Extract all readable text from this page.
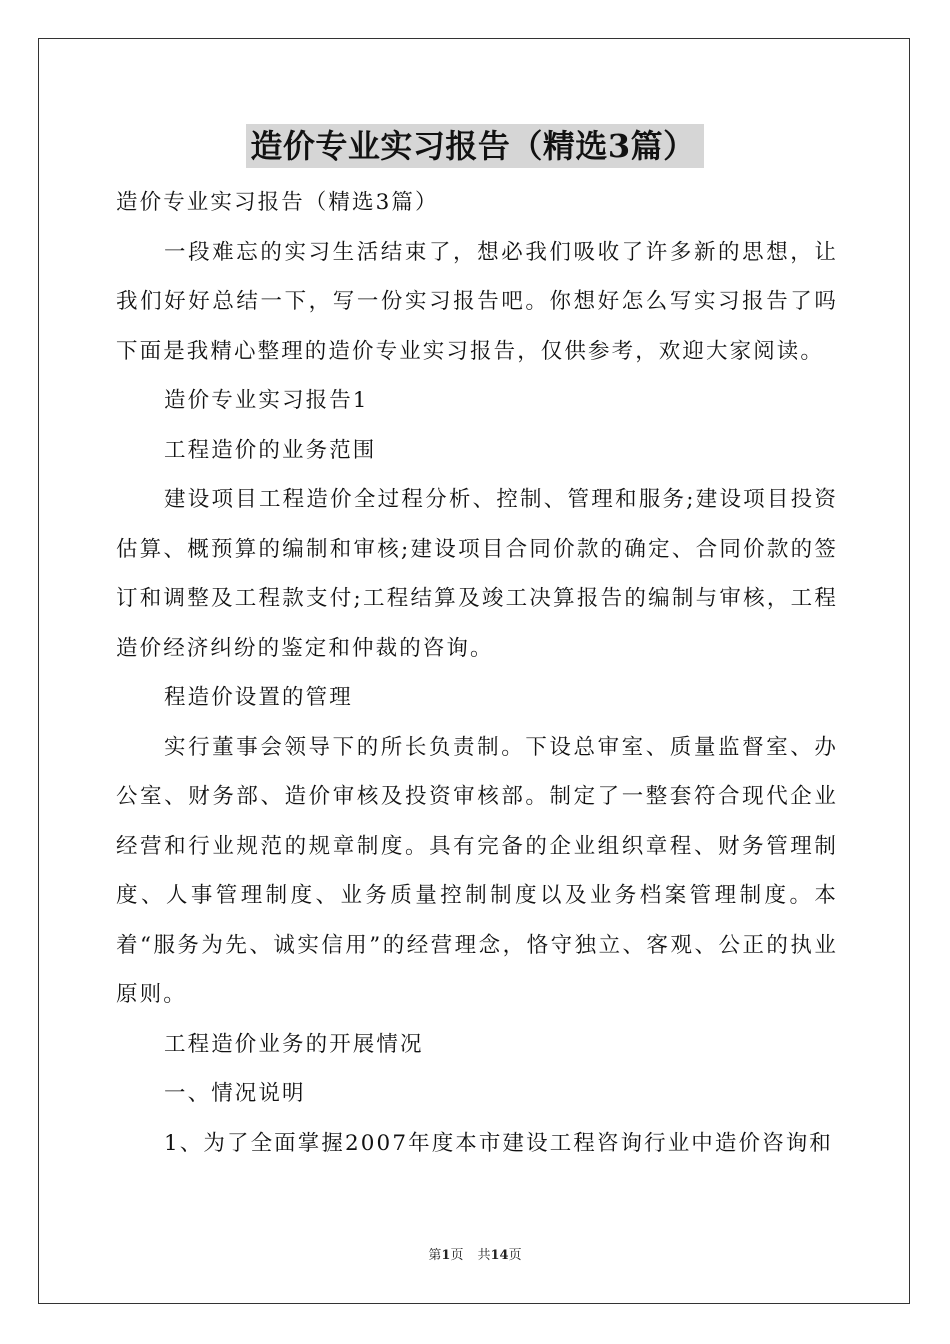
造价专业实习报告（精选3篇）

造价专业实习报告（精选3篇）

一段难忘的实习生活结束了，想必我们吸收了许多新的思想，让我们好好总结一下，写一份实习报告吧。你想好怎么写实习报告了吗下面是我精心整理的造价专业实习报告，仅供参考，欢迎大家阅读。

造价专业实习报告1

工程造价的业务范围

建设项目工程造价全过程分析、控制、管理和服务;建设项目投资估算、概预算的编制和审核;建设项目合同价款的确定、合同价款的签订和调整及工程款支付;工程结算及竣工决算报告的编制与审核，工程造价经济纠纷的鉴定和仲裁的咨询。

程造价设置的管理

实行董事会领导下的所长负责制。下设总审室、质量监督室、办公室、财务部、造价审核及投资审核部。制定了一整套符合现代企业经营和行业规范的规章制度。具有完备的企业组织章程、财务管理制度、人事管理制度、业务质量控制制度以及业务档案管理制度。本着“服务为先、诚实信用”的经营理念，恪守独立、客观、公正的执业原则。

工程造价业务的开展情况

一、情况说明

1、为了全面掌握2007年度本市建设工程咨询行业中造价咨询和

第1页 共14页
